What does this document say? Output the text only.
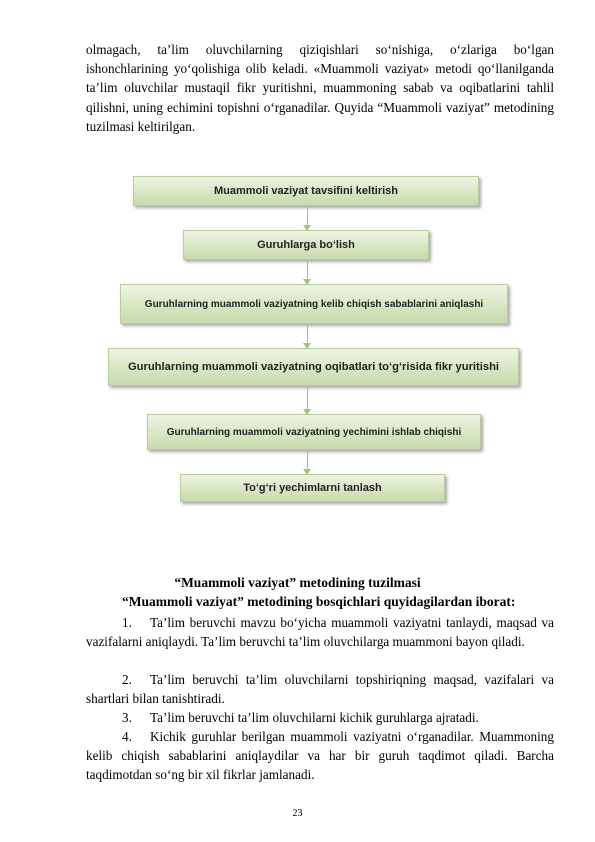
olmagach, ta’lim oluvchilarning qiziqishlari so‘nishiga, o‘zlariga bo‘lgan ishonchlarining yo‘qolishiga olib keladi. «Muammoli vaziyat» metodi qo‘llanilganda ta’lim oluvchilar mustaqil fikr yuritishni, muammoning sabab va oqibatlarini tahlil qilishni, uning echimini topishni o‘rganadilar. Quyida “Muammoli vaziyat” metodining tuzilmasi keltirilgan.
Muammoli vaziyat tavsifini keltirish
Guruhlarga bo‘lish
Guruhlarning muammoli vaziyatning kelib chiqish sabablarini aniqlashi
Guruhlarning muammoli vaziyatning oqibatlari to‘g‘risida fikr yuritishi
Guruhlarning muammoli vaziyatning yechimini ishlab chiqishi
To‘g‘ri yechimlarni tanlash
“Muammoli vaziyat” metodining tuzilmasi
“Muammoli vaziyat” metodining bosqichlari quyidagilardan iborat:
1. Ta’lim beruvchi mavzu bo‘yicha muammoli vaziyatni tanlaydi, maqsad va vazifalarni aniqlaydi. Ta’lim beruvchi ta’lim oluvchilarga muammoni bayon qiladi.
2. Ta’lim beruvchi ta’lim oluvchilarni topshiriqning maqsad, vazifalari va shartlari bilan tanishtiradi.
3. Ta’lim beruvchi ta’lim oluvchilarni kichik guruhlarga ajratadi.
4. Kichik guruhlar berilgan muammoli vaziyatni o‘rganadilar. Muammoning kelib chiqish sabablarini aniqlaydilar va har bir guruh taqdimot qiladi. Barcha taqdimotdan so‘ng bir xil fikrlar jamlanadi.
23
